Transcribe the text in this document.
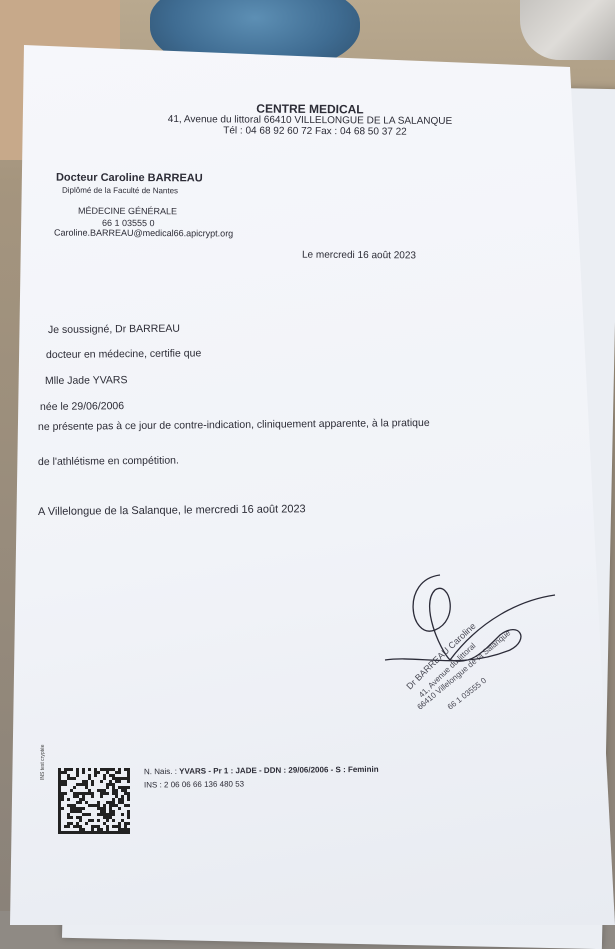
CENTRE MEDICAL
41, Avenue du littoral 66410 VILLELONGUE DE LA SALANQUE
Tél : 04 68 92 60 72 Fax : 04 68 50 37 22
Docteur Caroline BARREAU
Diplômé de la Faculté de Nantes
MÉDECINE GÉNÉRALE
66 1 03555 0
Caroline.BARREAU@medical66.apicrypt.org
Le mercredi 16 août 2023
Je soussigné, Dr BARREAU
docteur en médecine, certifie que
Mlle Jade YVARS
née le 29/06/2006
ne présente pas à ce jour de contre-indication, cliniquement apparente, à la pratique
de l'athlétisme en compétition.
A Villelongue de la Salanque, le mercredi 16 août 2023
Dr BARREAU Caroline
41, Avenue du littoral
66410 Villelongue de la Salanque
66 1 03555 0
INS test cryptée	N. Nais. : YVARS - Pr 1 : JADE - DDN : 29/06/2006 - S : Feminin
INS : 2 06 06 66 136 480 53
